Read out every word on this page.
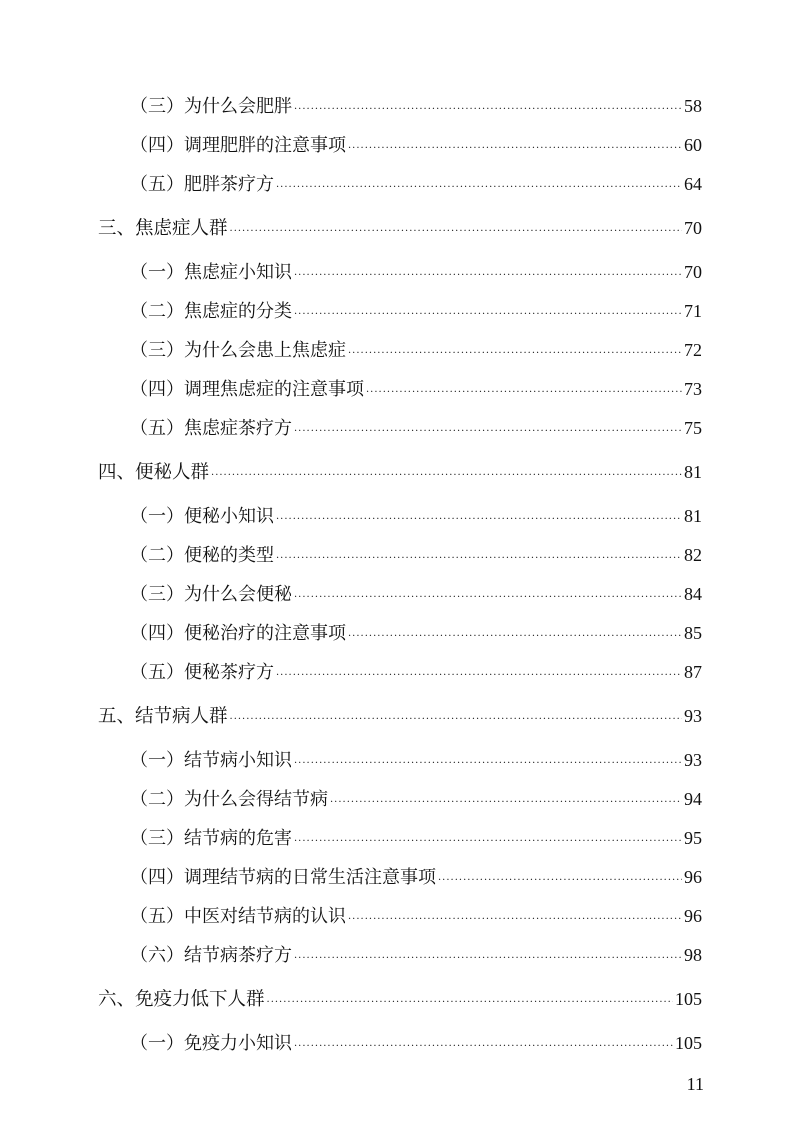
（三）为什么会肥胖 ·····	58
（四）调理肥胖的注意事项 ·····	60
（五）肥胖茶疗方 ·····	64
三、焦虑症人群 ·····	70
（一）焦虑症小知识 ·····	70
（二）焦虑症的分类 ·····	71
（三）为什么会患上焦虑症 ·····	72
（四）调理焦虑症的注意事项 ·····	73
（五）焦虑症茶疗方 ·····	75
四、便秘人群 ·····	81
（一）便秘小知识 ·····	81
（二）便秘的类型 ·····	82
（三）为什么会便秘 ·····	84
（四）便秘治疗的注意事项 ·····	85
（五）便秘茶疗方 ·····	87
五、结节病人群 ·····	93
（一）结节病小知识 ·····	93
（二）为什么会得结节病 ·····	94
（三）结节病的危害 ·····	95
（四）调理结节病的日常生活注意事项 ·····	96
（五）中医对结节病的认识 ·····	96
（六）结节病茶疗方 ·····	98
六、免疫力低下人群 ·····	105
（一）免疫力小知识 ·····	105
11
